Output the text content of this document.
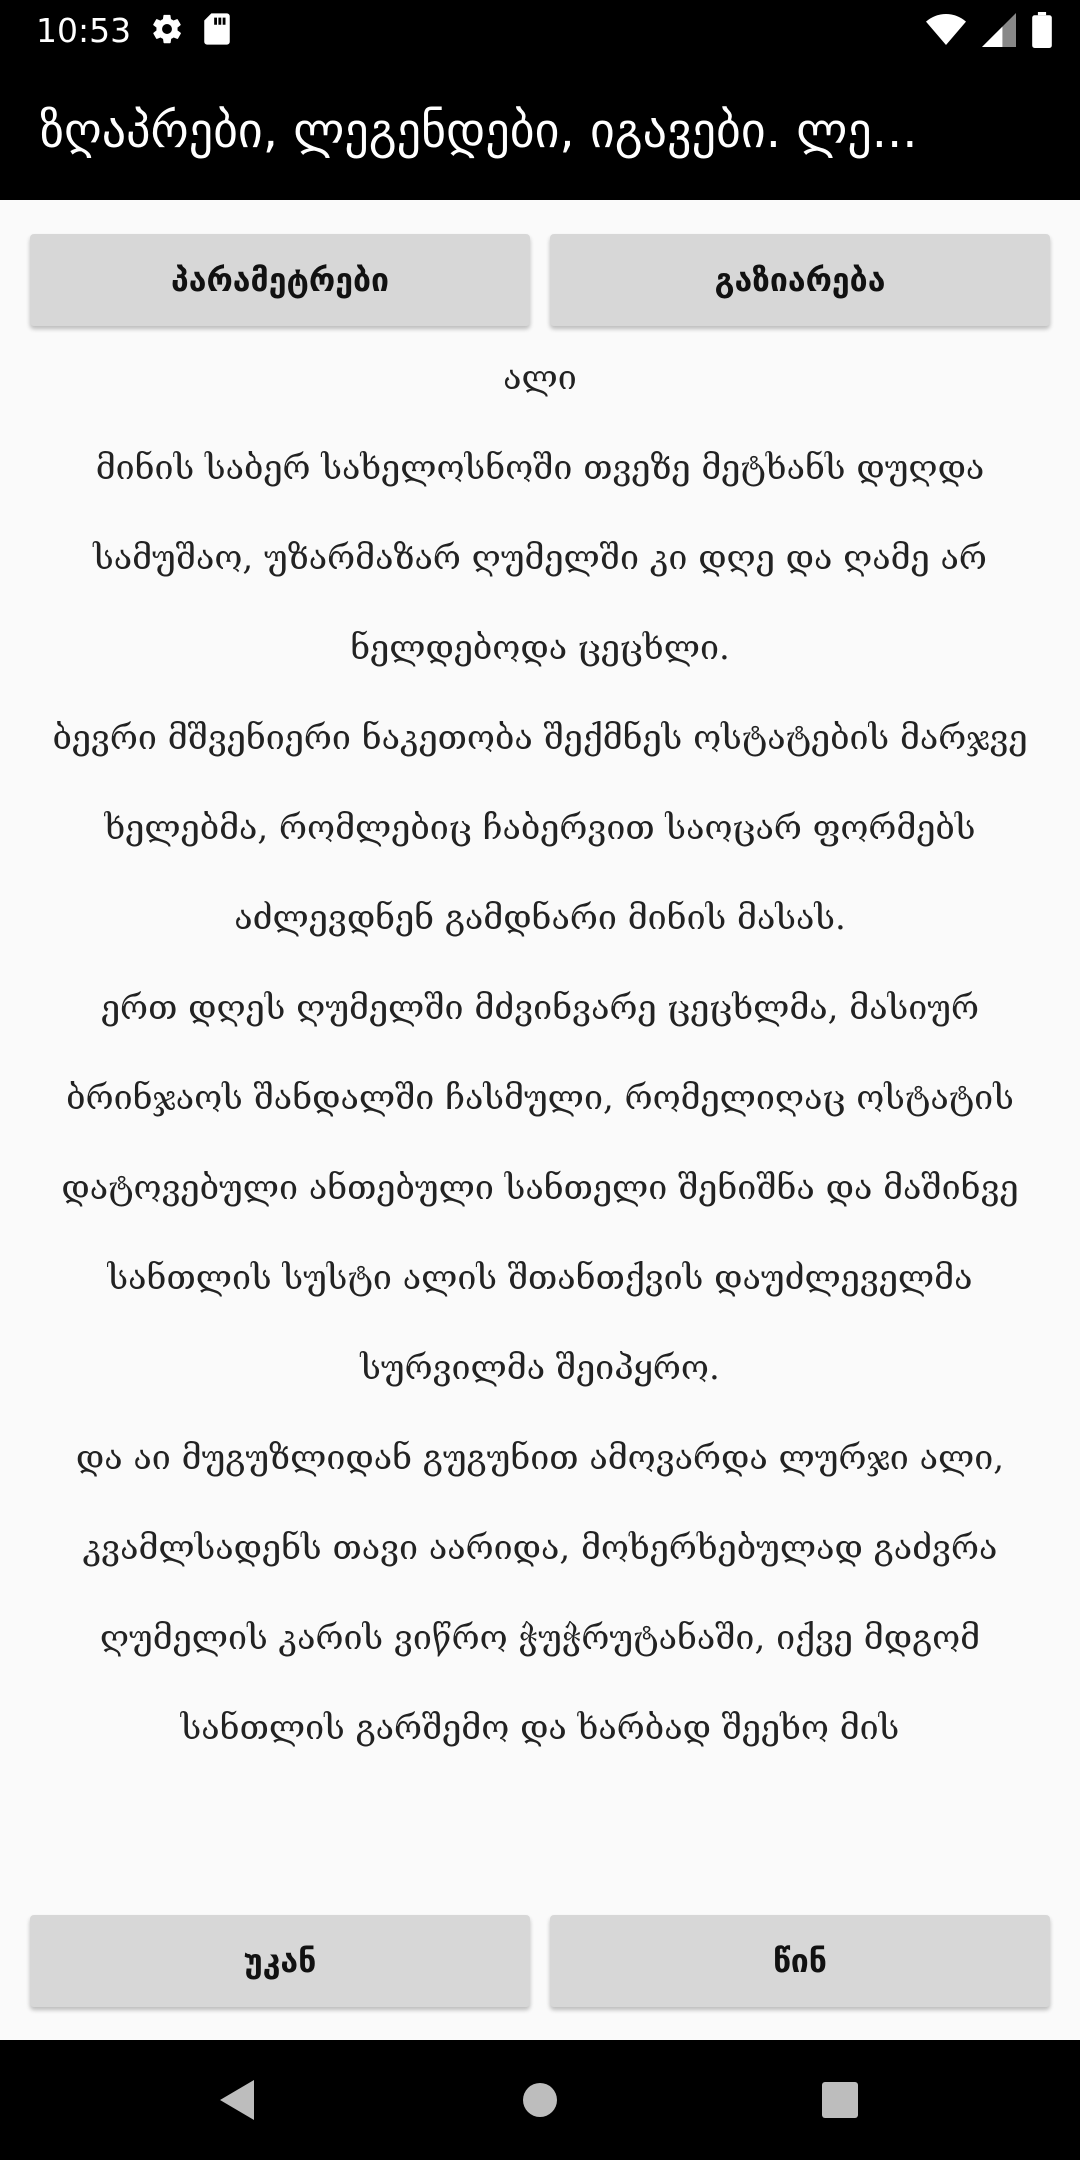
10:53
ზღაპრები, ლეგენდები, იგავები. ლე...
პარამეტრები	გაზიარება

ალი

მინის საბერ სახელოსნოში თვეზე მეტხანს დუღდა

სამუშაო, უზარმაზარ ღუმელში კი დღე და ღამე არ

ნელდებოდა ცეცხლი.

ბევრი მშვენიერი ნაკეთობა შექმნეს ოსტატების მარჯვე

ხელებმა, რომლებიც ჩაბერვით საოცარ ფორმებს

აძლევდნენ გამდნარი მინის მასას.

ერთ დღეს ღუმელში მძვინვარე ცეცხლმა, მასიურ

ბრინჯაოს შანდალში ჩასმული, რომელიღაც ოსტატის

დატოვებული ანთებული სანთელი შენიშნა და მაშინვე

სანთლის სუსტი ალის შთანთქვის დაუძლეველმა

სურვილმა შეიპყრო.

და აი მუგუზლიდან გუგუნით ამოვარდა ლურჯი ალი,

კვამლსადენს თავი აარიდა, მოხერხებულად გაძვრა

ღუმელის კარის ვიწრო ჭუჭრუტანაში, იქვე მდგომ

სანთლის გარშემო და ხარბად შეეხო მის

უკან	წინ
